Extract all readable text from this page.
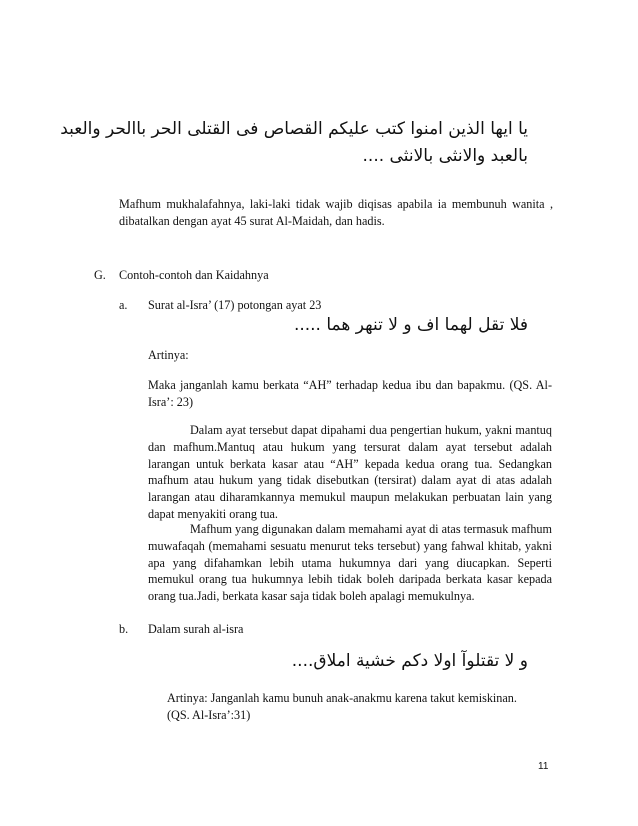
يا ايها الذين امنوا كتب عليكم القصاص فى القتلى الحر باالحر والعبد
بالعبد والانثى بالانثى ....
Mafhum mukhalafahnya, laki-laki tidak wajib diqisas apabila ia membunuh wanita , dibatalkan dengan ayat 45 surat Al-Maidah, dan hadis.
G. Contoh-contoh dan Kaidahnya
a. Surat al-Isra’ (17) potongan ayat 23
فلا تقل لهما اف و لا تنهر هما .....
Artinya:
Maka janganlah kamu berkata “AH” terhadap kedua ibu dan bapakmu. (QS. Al-Isra’: 23)
Dalam ayat tersebut dapat dipahami dua pengertian hukum, yakni mantuq dan mafhum.Mantuq atau hukum yang tersurat dalam ayat tersebut adalah larangan untuk berkata kasar atau “AH” kepada kedua orang tua. Sedangkan mafhum atau hukum yang tidak disebutkan (tersirat) dalam ayat di atas adalah larangan atau diharamkannya memukul maupun melakukan perbuatan lain yang dapat menyakiti orang tua.
Mafhum yang digunakan dalam memahami ayat di atas termasuk mafhum muwafaqah (memahami sesuatu menurut teks tersebut) yang fahwal khitab, yakni apa yang difahamkan lebih utama hukumnya dari yang diucapkan. Seperti memukul orang tua hukumnya lebih tidak boleh daripada berkata kasar kepada orang tua.Jadi, berkata kasar saja tidak boleh apalagi memukulnya.
b. Dalam surah al-isra
و لا تقتلوآ اولا دكم خشية املاق....
Artinya: Janganlah kamu bunuh anak-anakmu karena takut kemiskinan.
(QS. Al-Isra’:31)
11
